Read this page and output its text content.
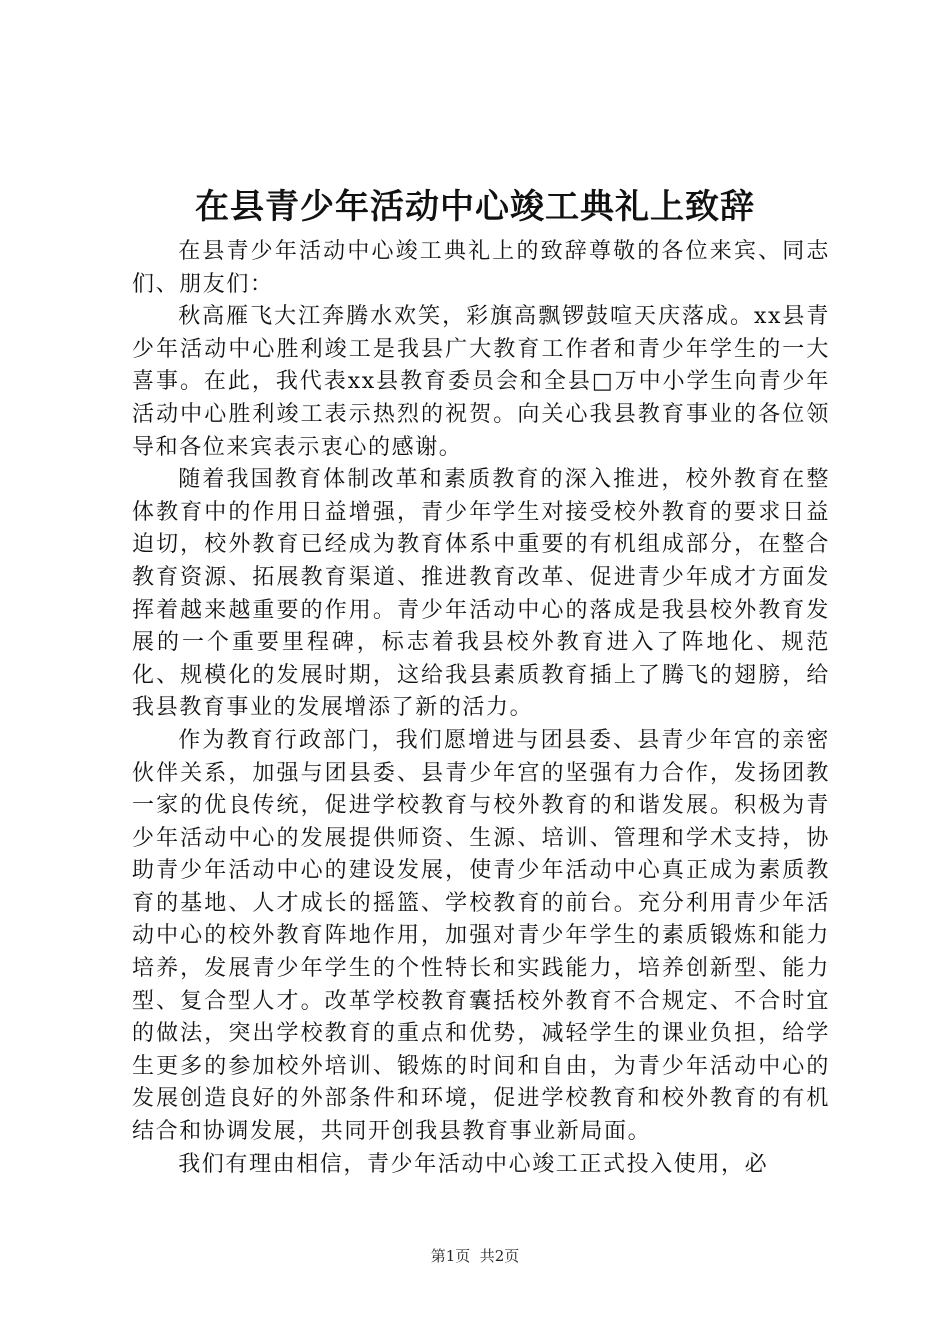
在县青少年活动中心竣工典礼上致辞

在县青少年活动中心竣工典礼上的致辞尊敬的各位来宾、同志们、朋友们：

秋高雁飞大江奔腾水欢笑，彩旗高飘锣鼓喧天庆落成。xx县青少年活动中心胜利竣工是我县广大教育工作者和青少年学生的一大喜事。在此，我代表xx县教育委员会和全县□万中小学生向青少年活动中心胜利竣工表示热烈的祝贺。向关心我县教育事业的各位领导和各位来宾表示衷心的感谢。

随着我国教育体制改革和素质教育的深入推进，校外教育在整体教育中的作用日益增强，青少年学生对接受校外教育的要求日益迫切，校外教育已经成为教育体系中重要的有机组成部分，在整合教育资源、拓展教育渠道、推进教育改革、促进青少年成才方面发挥着越来越重要的作用。青少年活动中心的落成是我县校外教育发展的一个重要里程碑，标志着我县校外教育进入了阵地化、规范化、规模化的发展时期，这给我县素质教育插上了腾飞的翅膀，给我县教育事业的发展增添了新的活力。

作为教育行政部门，我们愿增进与团县委、县青少年宫的亲密伙伴关系，加强与团县委、县青少年宫的坚强有力合作，发扬团教一家的优良传统，促进学校教育与校外教育的和谐发展。积极为青少年活动中心的发展提供师资、生源、培训、管理和学术支持，协助青少年活动中心的建设发展，使青少年活动中心真正成为素质教育的基地、人才成长的摇篮、学校教育的前台。充分利用青少年活动中心的校外教育阵地作用，加强对青少年学生的素质锻炼和能力培养，发展青少年学生的个性特长和实践能力，培养创新型、能力型、复合型人才。改革学校教育囊括校外教育不合规定、不合时宜的做法，突出学校教育的重点和优势，减轻学生的课业负担，给学生更多的参加校外培训、锻炼的时间和自由，为青少年活动中心的发展创造良好的外部条件和环境，促进学校教育和校外教育的有机结合和协调发展，共同开创我县教育事业新局面。

我们有理由相信，青少年活动中心竣工正式投入使用，必

第1页  共2页
